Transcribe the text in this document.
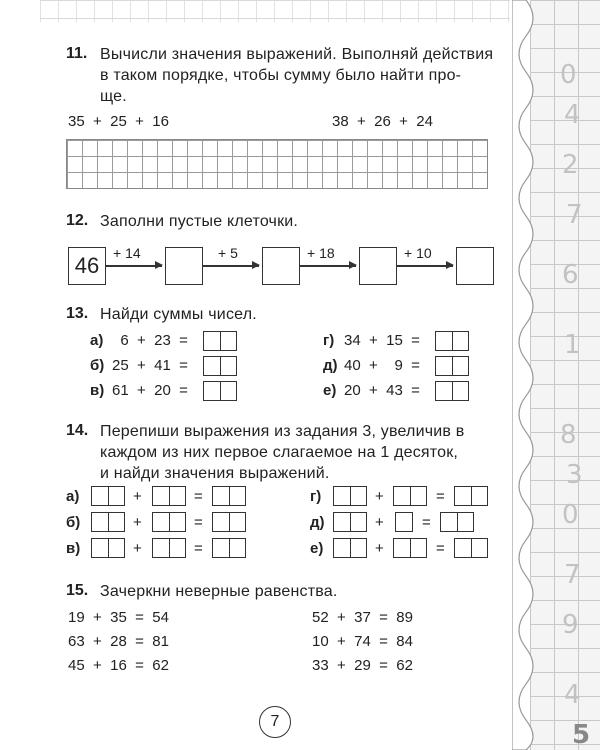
0
4
2
7
6
1
8
3
0
7
9
4
5
11. Вычисли значения выражений. Выполняй действия
в таком порядке, чтобы сумму было найти про-
ще.
35  +  25  +  16	38  +  26  +  24
12. Заполни пустые клеточки.
46 + 14	+ 5	+ 18	+ 10
13. Найди суммы чисел.
а) 6  +  23  =
б) 25  +  41  =
в) 61  +  20  =
г) 34  +  15  =
д) 40  +    9  =
е) 20  +  43  =
14. Перепиши выражения из задания 3, увеличив в
каждом из них первое слагаемое на 1 десяток,
и найди значения выражений.
а)	+	=
б)	+	=
в)	+	=
г)	+	=
д)	+	=
е)	+	=
15. Зачеркни неверные равенства.
19  +  35  =  54
63  +  28  =  81
45  +  16  =  62
52  +  37  =  89
10  +  74  =  84
33  +  29  =  62
7
